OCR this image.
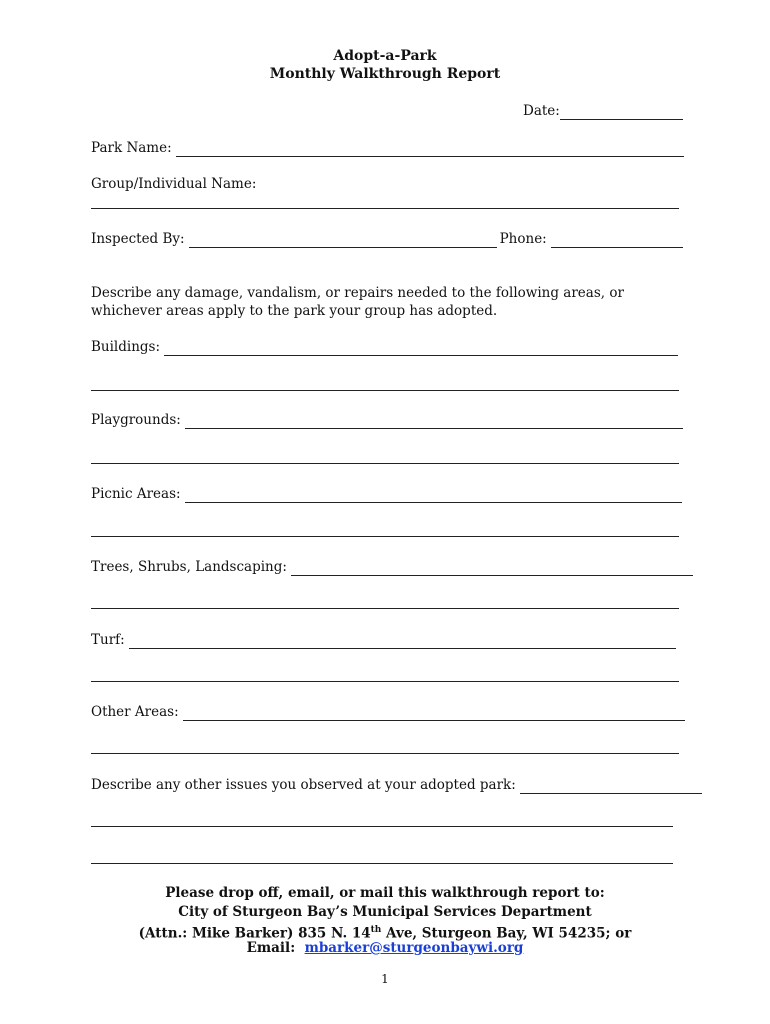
Adopt-a-Park
Monthly Walkthrough Report
Date:
Park Name:
Group/Individual Name:
Inspected By:	Phone:
Describe any damage, vandalism, or repairs needed to the following areas, or whichever areas apply to the park your group has adopted.
Buildings:
Playgrounds:
Picnic Areas:
Trees, Shrubs, Landscaping:
Turf:
Other Areas:
Describe any other issues you observed at your adopted park:
Please drop off, email, or mail this walkthrough report to:
City of Sturgeon Bay’s Municipal Services Department
(Attn.: Mike Barker) 835 N. 14th Ave, Sturgeon Bay, WI 54235; or
Email: mbarker@sturgeonbaywi.org
1
